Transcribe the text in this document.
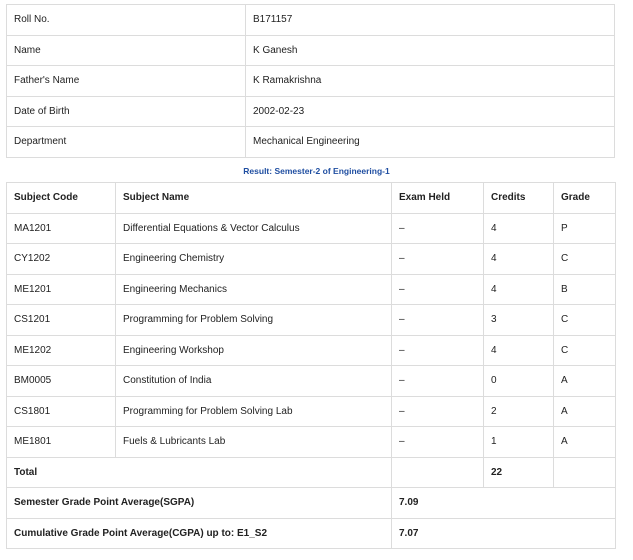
Roll No.	B171157
Name	K Ganesh
Father's Name	K Ramakrishna
Date of Birth	2002-02-23
Department	Mechanical Engineering
Result: Semester-2 of Engineering-1
Subject Code	Subject Name	Exam Held	Credits	Grade
MA1201	Differential Equations & Vector Calculus	–	4	P
CY1202	Engineering Chemistry	–	4	C
ME1201	Engineering Mechanics	–	4	B
CS1201	Programming for Problem Solving	–	3	C
ME1202	Engineering Workshop	–	4	C
BM0005	Constitution of India	–	0	A
CS1801	Programming for Problem Solving Lab	–	2	A
ME1801	Fuels & Lubricants Lab	–	1	A
Total			22	
Semester Grade Point Average(SGPA)		7.09		
Cumulative Grade Point Average(CGPA) up to: E1_S2		7.07		
